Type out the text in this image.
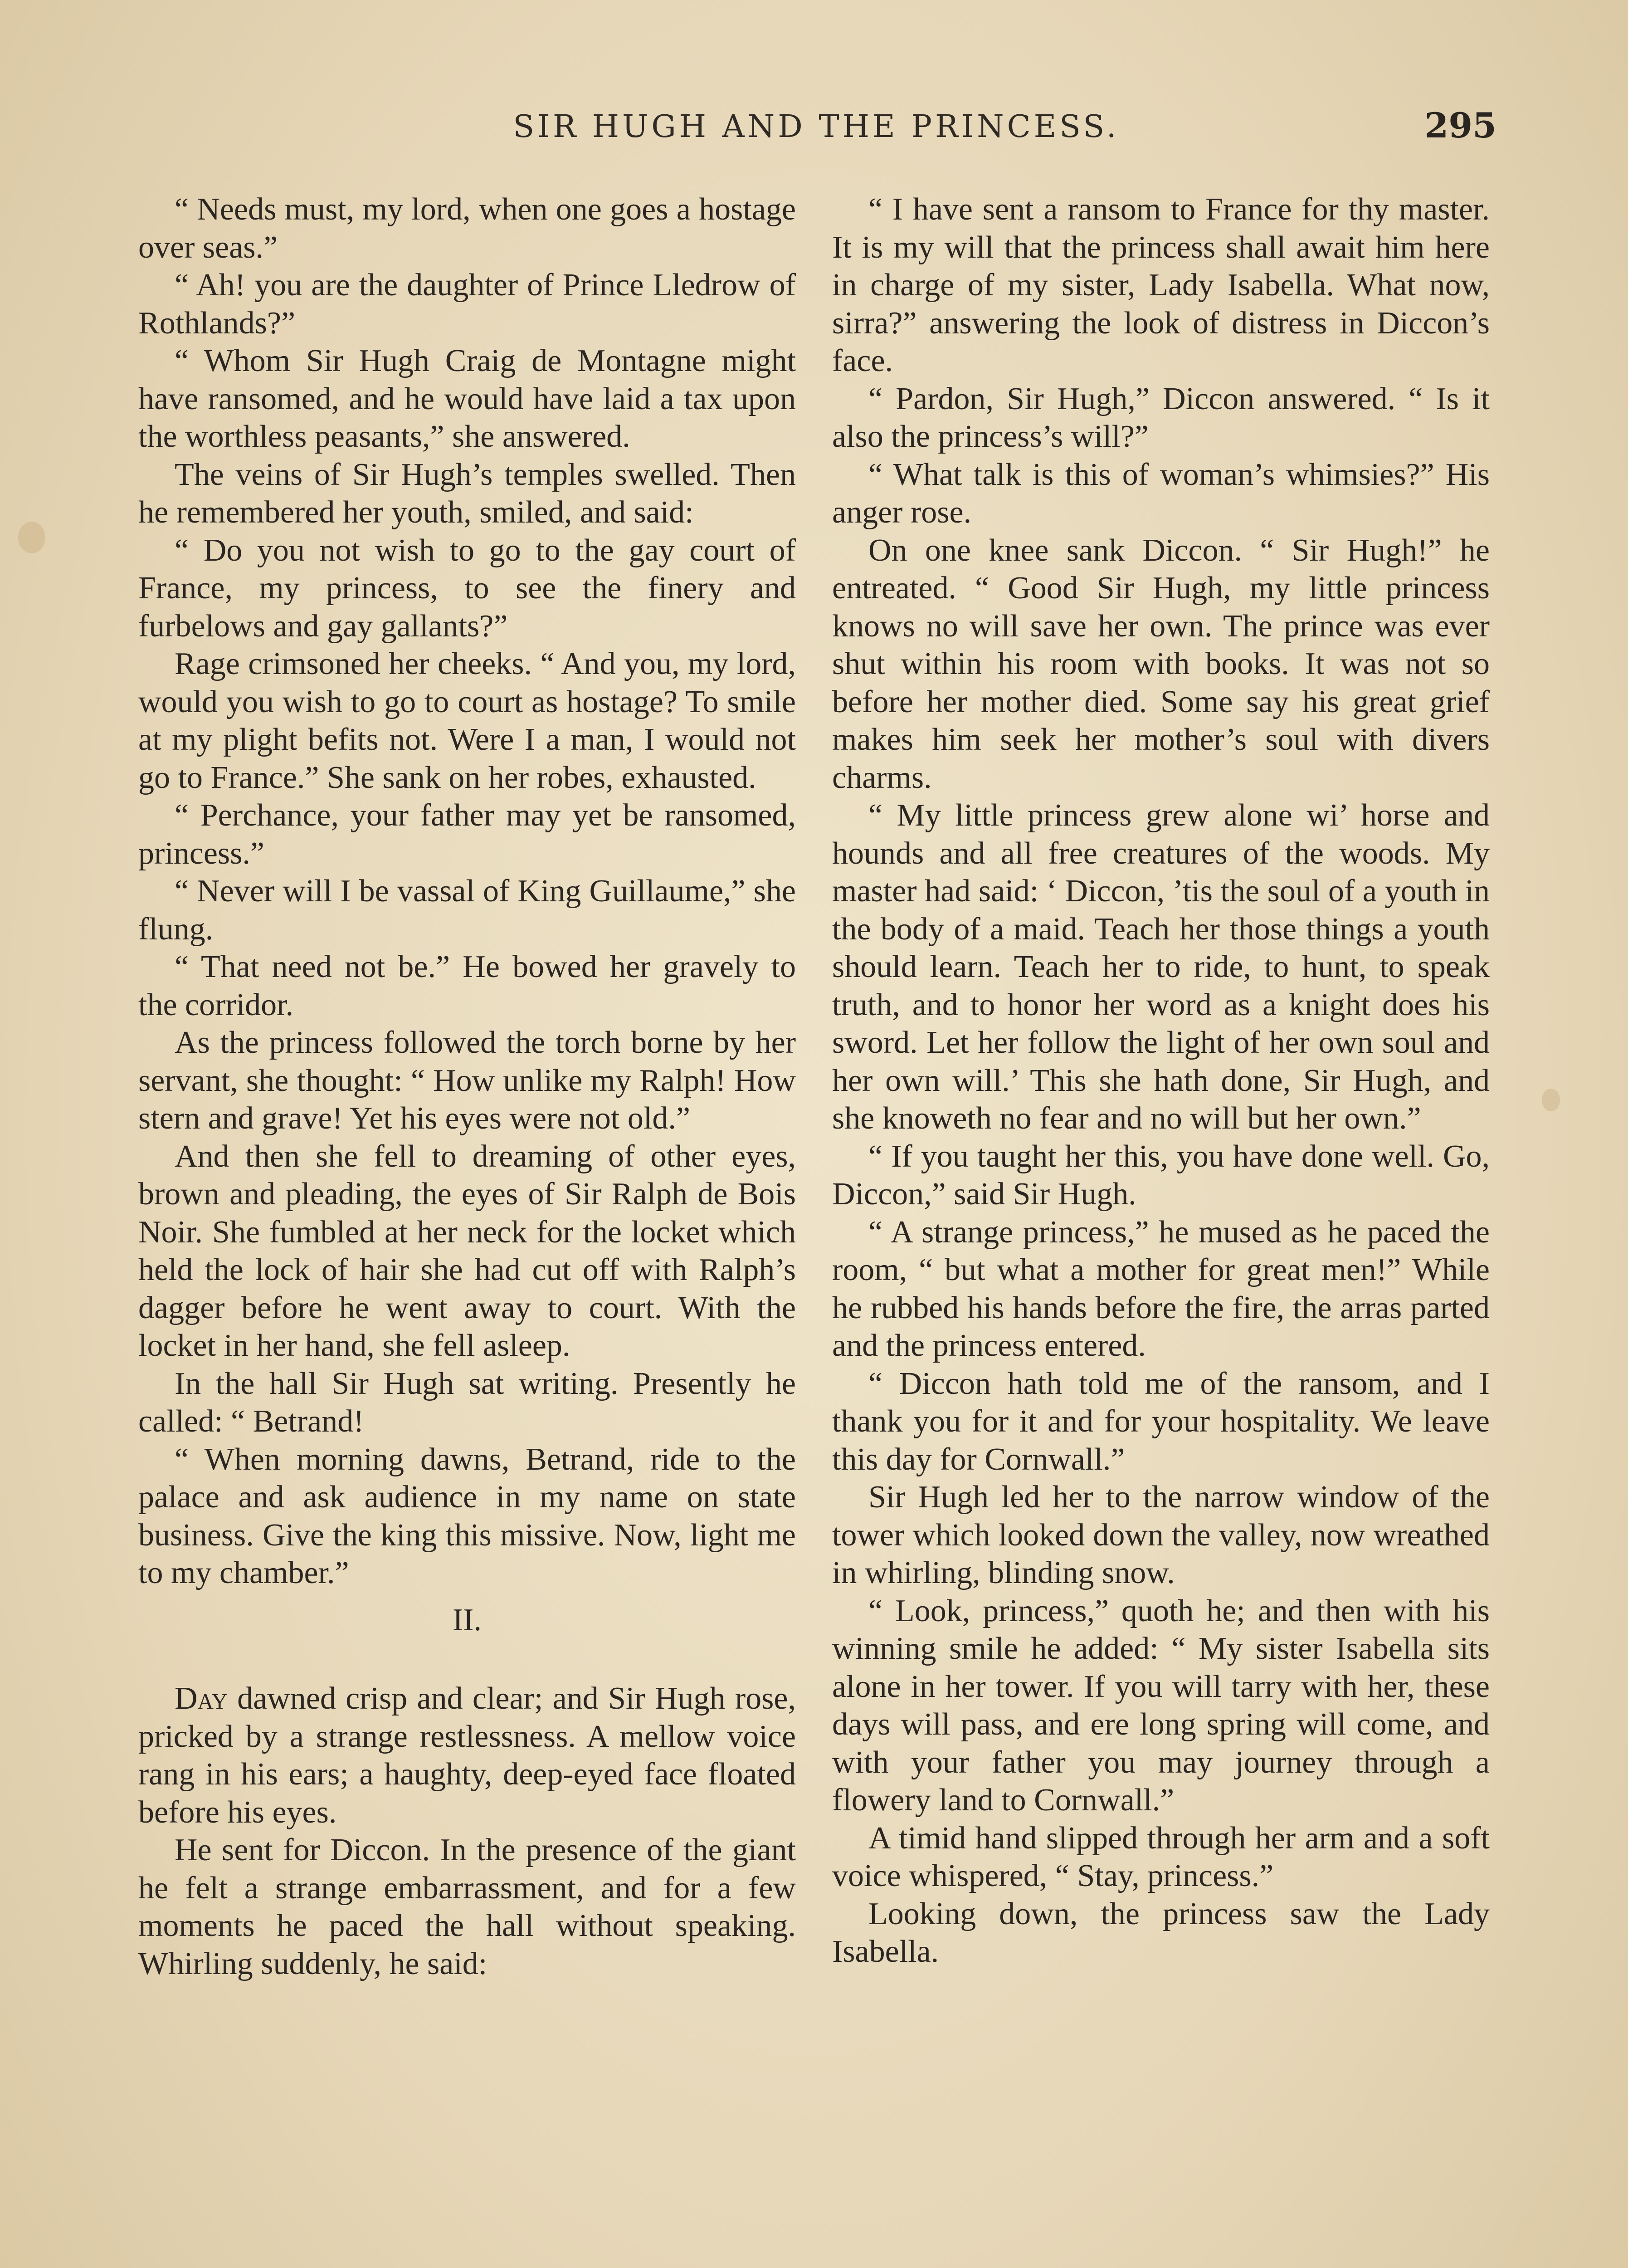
SIR HUGH AND THE PRINCESS.	295

“ Needs must, my lord, when one goes a hostage over seas.”

“ Ah! you are the daughter of Prince Lledrow of Rothlands?”

“ Whom Sir Hugh Craig de Montagne might have ransomed, and he would have laid a tax upon the worthless peasants,” she answered.

The veins of Sir Hugh’s temples swelled. Then he remembered her youth, smiled, and said:

“ Do you not wish to go to the gay court of France, my princess, to see the finery and furbelows and gay gallants?”

Rage crimsoned her cheeks. “ And you, my lord, would you wish to go to court as hostage? To smile at my plight befits not. Were I a man, I would not go to France.” She sank on her robes, exhausted.

“ Perchance, your father may yet be ransomed, princess.”

“ Never will I be vassal of King Guillaume,” she flung.

“ That need not be.” He bowed her gravely to the corridor.

As the princess followed the torch borne by her servant, she thought: “ How unlike my Ralph! How stern and grave! Yet his eyes were not old.”

And then she fell to dreaming of other eyes, brown and pleading, the eyes of Sir Ralph de Bois Noir. She fumbled at her neck for the locket which held the lock of hair she had cut off with Ralph’s dagger before he went away to court. With the locket in her hand, she fell asleep.

In the hall Sir Hugh sat writing. Presently he called: “ Betrand!

“ When morning dawns, Betrand, ride to the palace and ask audience in my name on state business. Give the king this missive. Now, light me to my chamber.”

II.

Day dawned crisp and clear; and Sir Hugh rose, pricked by a strange restlessness. A mellow voice rang in his ears; a haughty, deep-eyed face floated before his eyes.

He sent for Diccon. In the presence of the giant he felt a strange embarrassment, and for a few moments he paced the hall without speaking. Whirling suddenly, he said:

“ I have sent a ransom to France for thy master. It is my will that the princess shall await him here in charge of my sister, Lady Isabella. What now, sirra?” answering the look of distress in Diccon’s face.

“ Pardon, Sir Hugh,” Diccon answered. “ Is it also the princess’s will?”

“ What talk is this of woman’s whimsies?” His anger rose.

On one knee sank Diccon. “ Sir Hugh!” he entreated. “ Good Sir Hugh, my little princess knows no will save her own. The prince was ever shut within his room with books. It was not so before her mother died. Some say his great grief makes him seek her mother’s soul with divers charms.

“ My little princess grew alone wi’ horse and hounds and all free creatures of the woods. My master had said: ‘ Diccon, ’tis the soul of a youth in the body of a maid. Teach her those things a youth should learn. Teach her to ride, to hunt, to speak truth, and to honor her word as a knight does his sword. Let her follow the light of her own soul and her own will.’ This she hath done, Sir Hugh, and she knoweth no fear and no will but her own.”

“ If you taught her this, you have done well. Go, Diccon,” said Sir Hugh.

“ A strange princess,” he mused as he paced the room, “ but what a mother for great men!” While he rubbed his hands before the fire, the arras parted and the princess entered.

“ Diccon hath told me of the ransom, and I thank you for it and for your hospitality. We leave this day for Cornwall.”

Sir Hugh led her to the narrow window of the tower which looked down the valley, now wreathed in whirling, blinding snow.

“ Look, princess,” quoth he; and then with his winning smile he added: “ My sister Isabella sits alone in her tower. If you will tarry with her, these days will pass, and ere long spring will come, and with your father you may journey through a flowery land to Cornwall.”

A timid hand slipped through her arm and a soft voice whispered, “ Stay, princess.”

Looking down, the princess saw the Lady Isabella.
